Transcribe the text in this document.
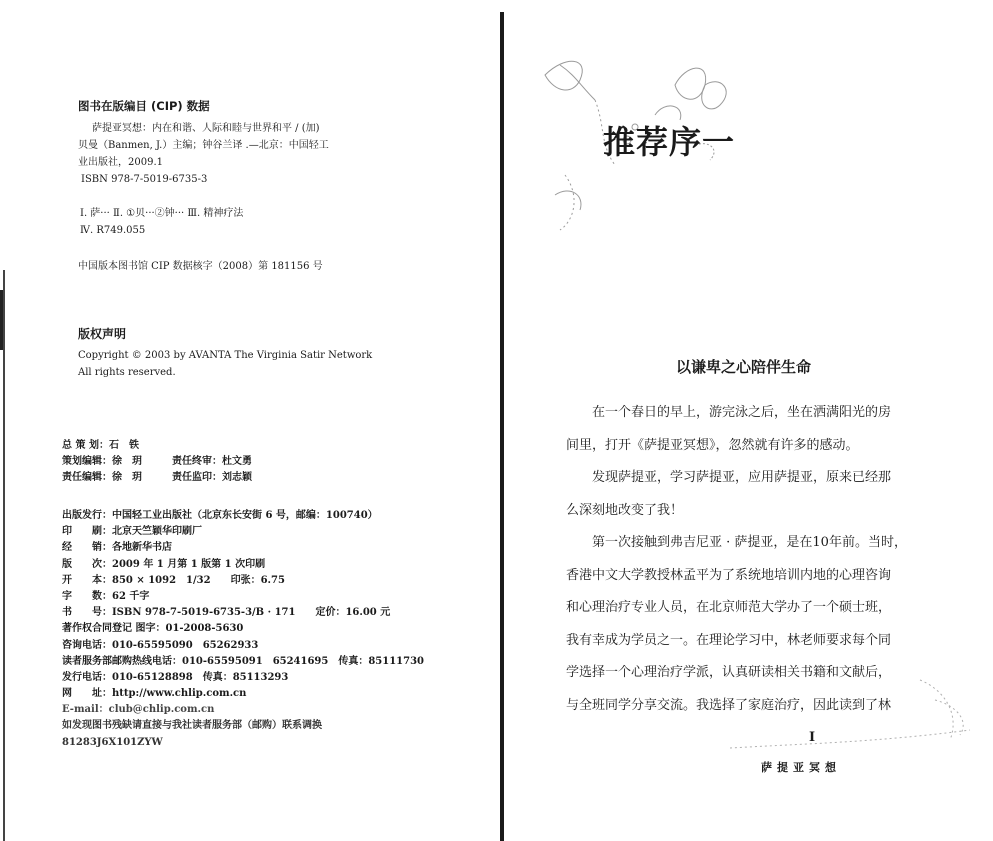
图书在版编目 (CIP) 数据
萨提亚冥想：内在和谐、人际和睦与世界和平 / (加)
贝曼（Banmen, J.）主编；钟谷兰译 .—北京：中国轻工
业出版社，2009.1
ISBN 978-7-5019-6735-3
Ⅰ. 萨··· Ⅱ. ①贝···②钟··· Ⅲ. 精神疗法
Ⅳ. R749.055
中国版本图书馆 CIP 数据核字（2008）第 181156 号
版权声明
Copyright © 2003 by AVANTA The Virginia Satir Network
All rights reserved.
总 策 划：石　铁
策划编辑：徐　玥　　　责任终审：杜文勇
责任编辑：徐　玥　　　责任监印：刘志颖
出版发行：中国轻工业出版社（北京东长安街 6 号，邮编：100740）
印　　刷：北京天竺颖华印刷厂
经　　销：各地新华书店
版　　次：2009 年 1 月第 1 版第 1 次印刷
开　　本：850 × 1092　1/32　　印张：6.75
字　　数：62 千字
书　　号：ISBN 978-7-5019-6735-3/B · 171　　定价：16.00 元
著作权合同登记 图字：01-2008-5630
咨询电话：010-65595090　65262933
读者服务部邮购热线电话：010-65595091　65241695　传真：85111730
发行电话：010-65128898　传真：85113293
网　　址：http://www.chlip.com.cn
E-mail：club@chlip.com.cn
如发现图书残缺请直接与我社读者服务部（邮购）联系调换
81283J6X101ZYW
推荐序一
以谦卑之心陪伴生命
　　在一个春日的早上，游完泳之后，坐在洒满阳光的房
间里，打开《萨提亚冥想》，忽然就有许多的感动。
　　发现萨提亚，学习萨提亚，应用萨提亚，原来已经那
么深刻地改变了我！
　　第一次接触到弗吉尼亚 · 萨提亚，是在10年前。当时，
香港中文大学教授林孟平为了系统地培训内地的心理咨询
和心理治疗专业人员，在北京师范大学办了一个硕士班，
我有幸成为学员之一。在理论学习中，林老师要求每个同
学选择一个心理治疗学派，认真研读相关书籍和文献后，
与全班同学分享交流。我选择了家庭治疗，因此读到了林
I
萨提亚冥想
